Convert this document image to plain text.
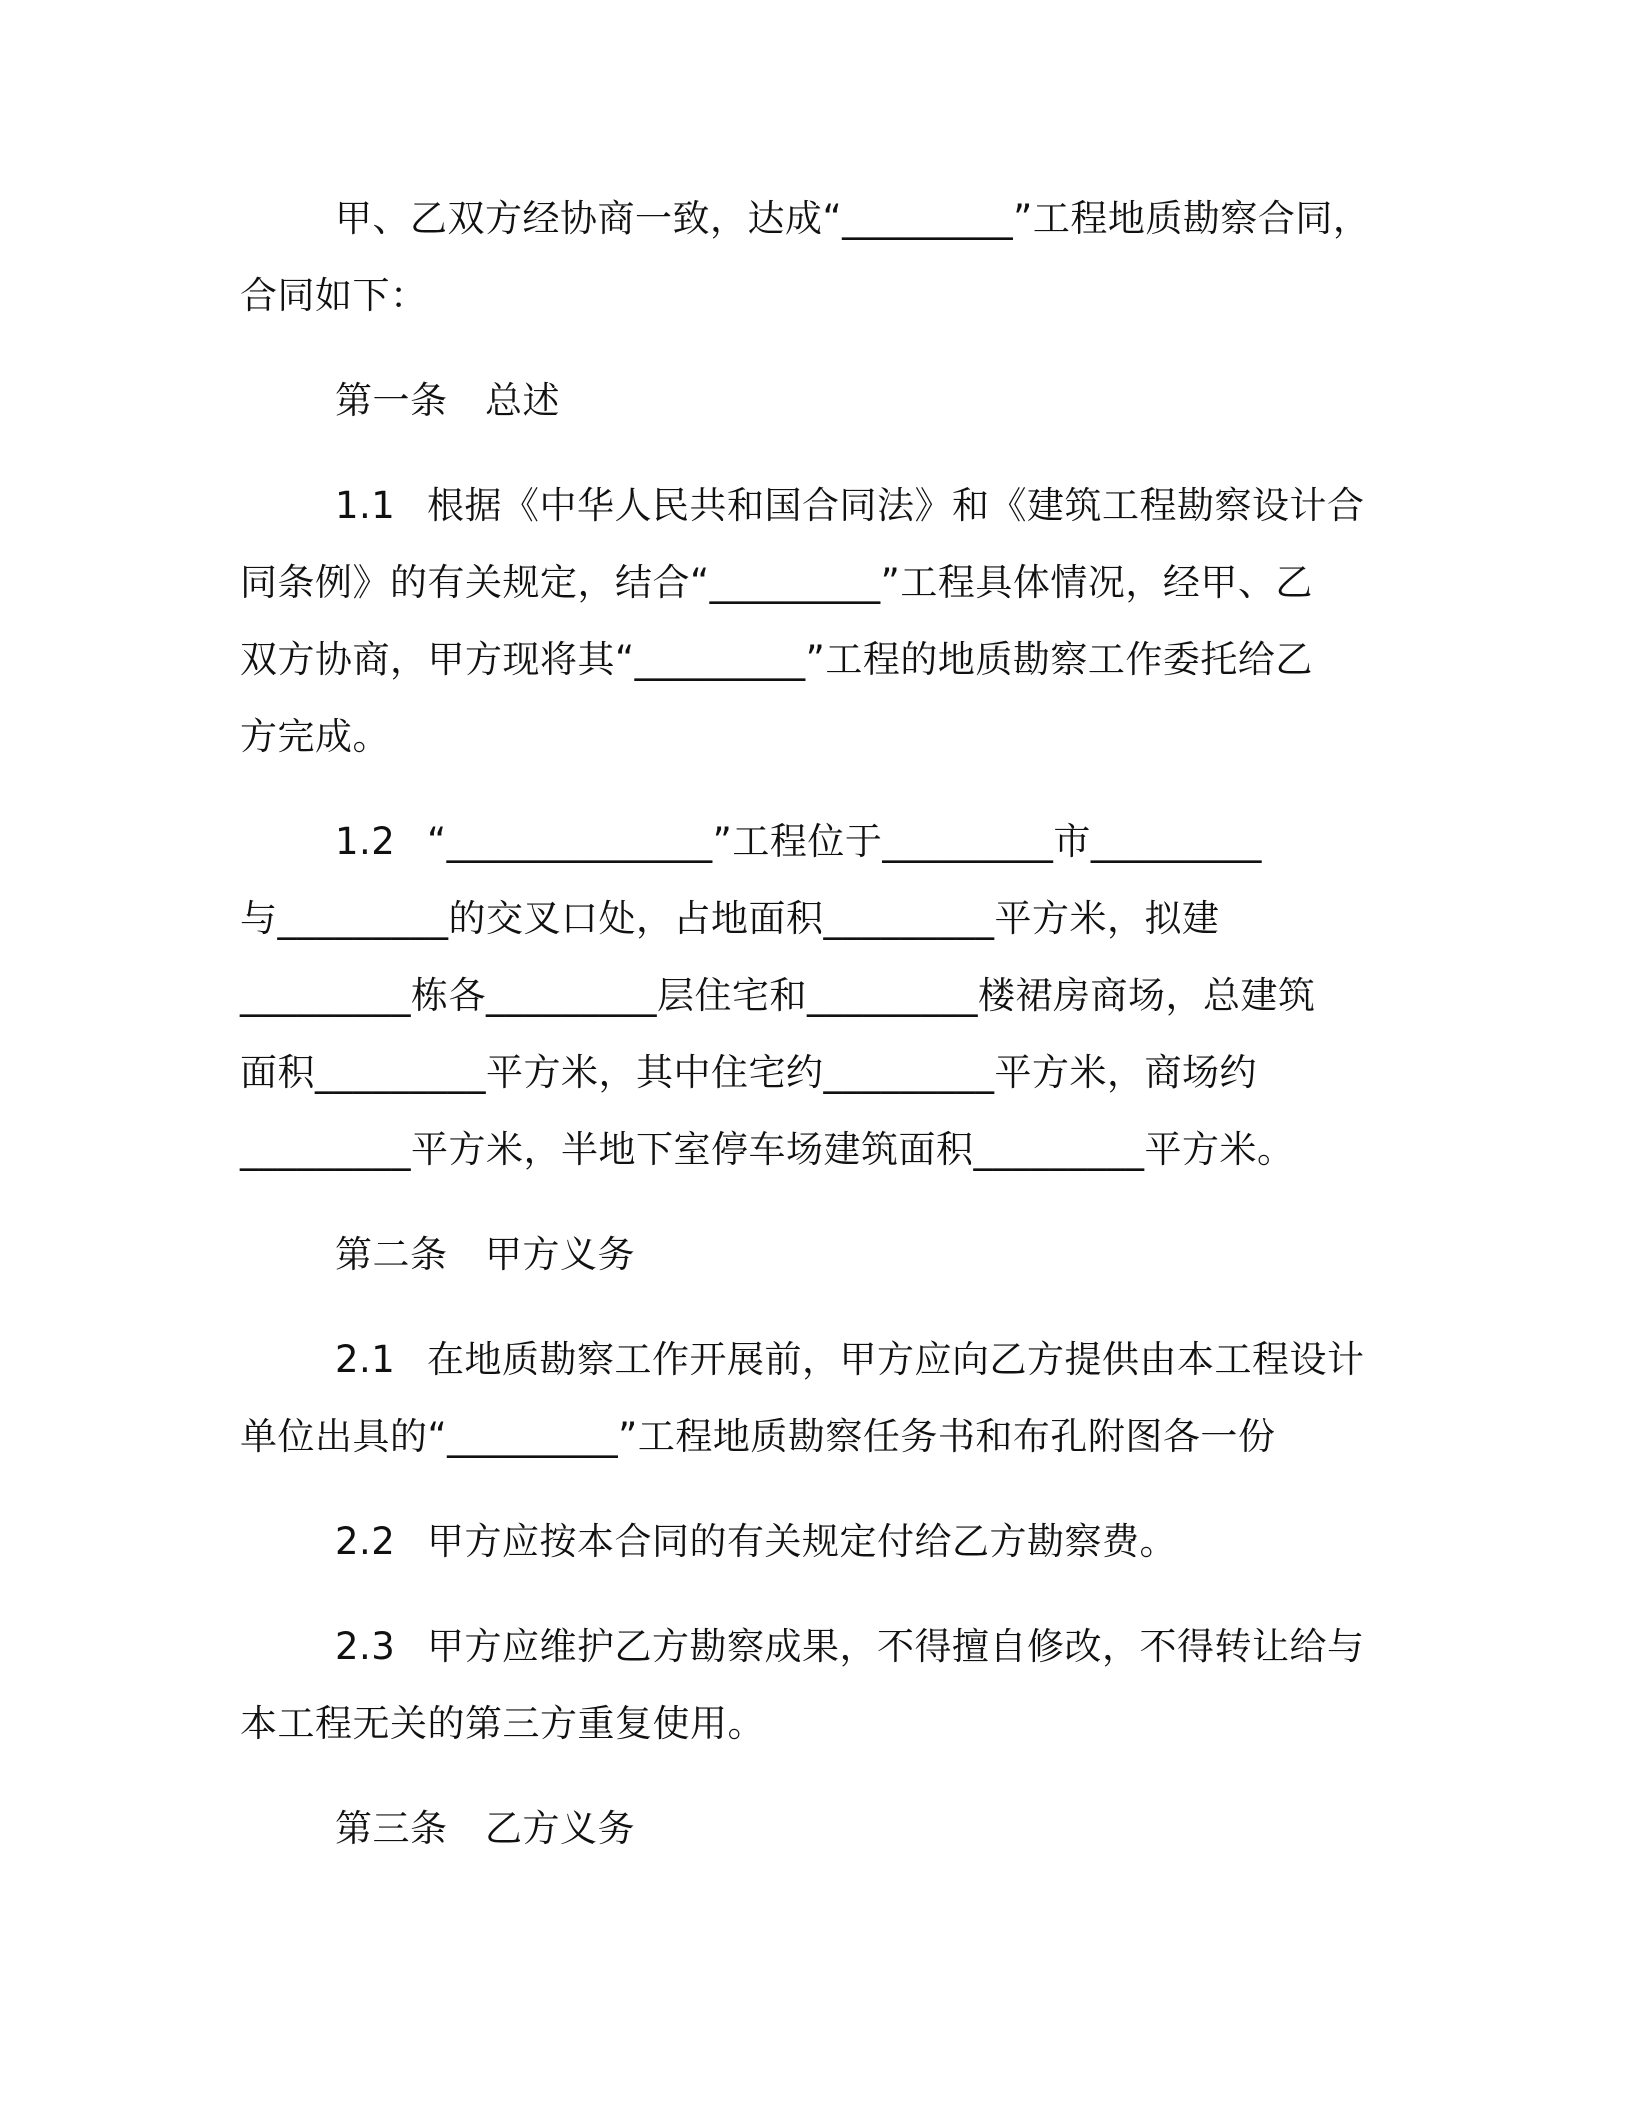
甲、乙双方经协商一致，达成“_________”工程地质勘察合同，
合同如下：
第一条 总述
1.1 根据《中华人民共和国合同法》和《建筑工程勘察设计合
同条例》的有关规定，结合“_________”工程具体情况，经甲、乙
双方协商，甲方现将其“_________”工程的地质勘察工作委托给乙
方完成。
1.2 “______________”工程位于_________市_________
与_________的交叉口处，占地面积_________平方米，拟建
_________栋各_________层住宅和_________楼裙房商场，总建筑
面积_________平方米，其中住宅约_________平方米，商场约
_________平方米，半地下室停车场建筑面积_________平方米。
第二条 甲方义务
2.1 在地质勘察工作开展前，甲方应向乙方提供由本工程设计
单位出具的“_________”工程地质勘察任务书和布孔附图各一份
2.2 甲方应按本合同的有关规定付给乙方勘察费。
2.3 甲方应维护乙方勘察成果，不得擅自修改，不得转让给与
本工程无关的第三方重复使用。
第三条 乙方义务
